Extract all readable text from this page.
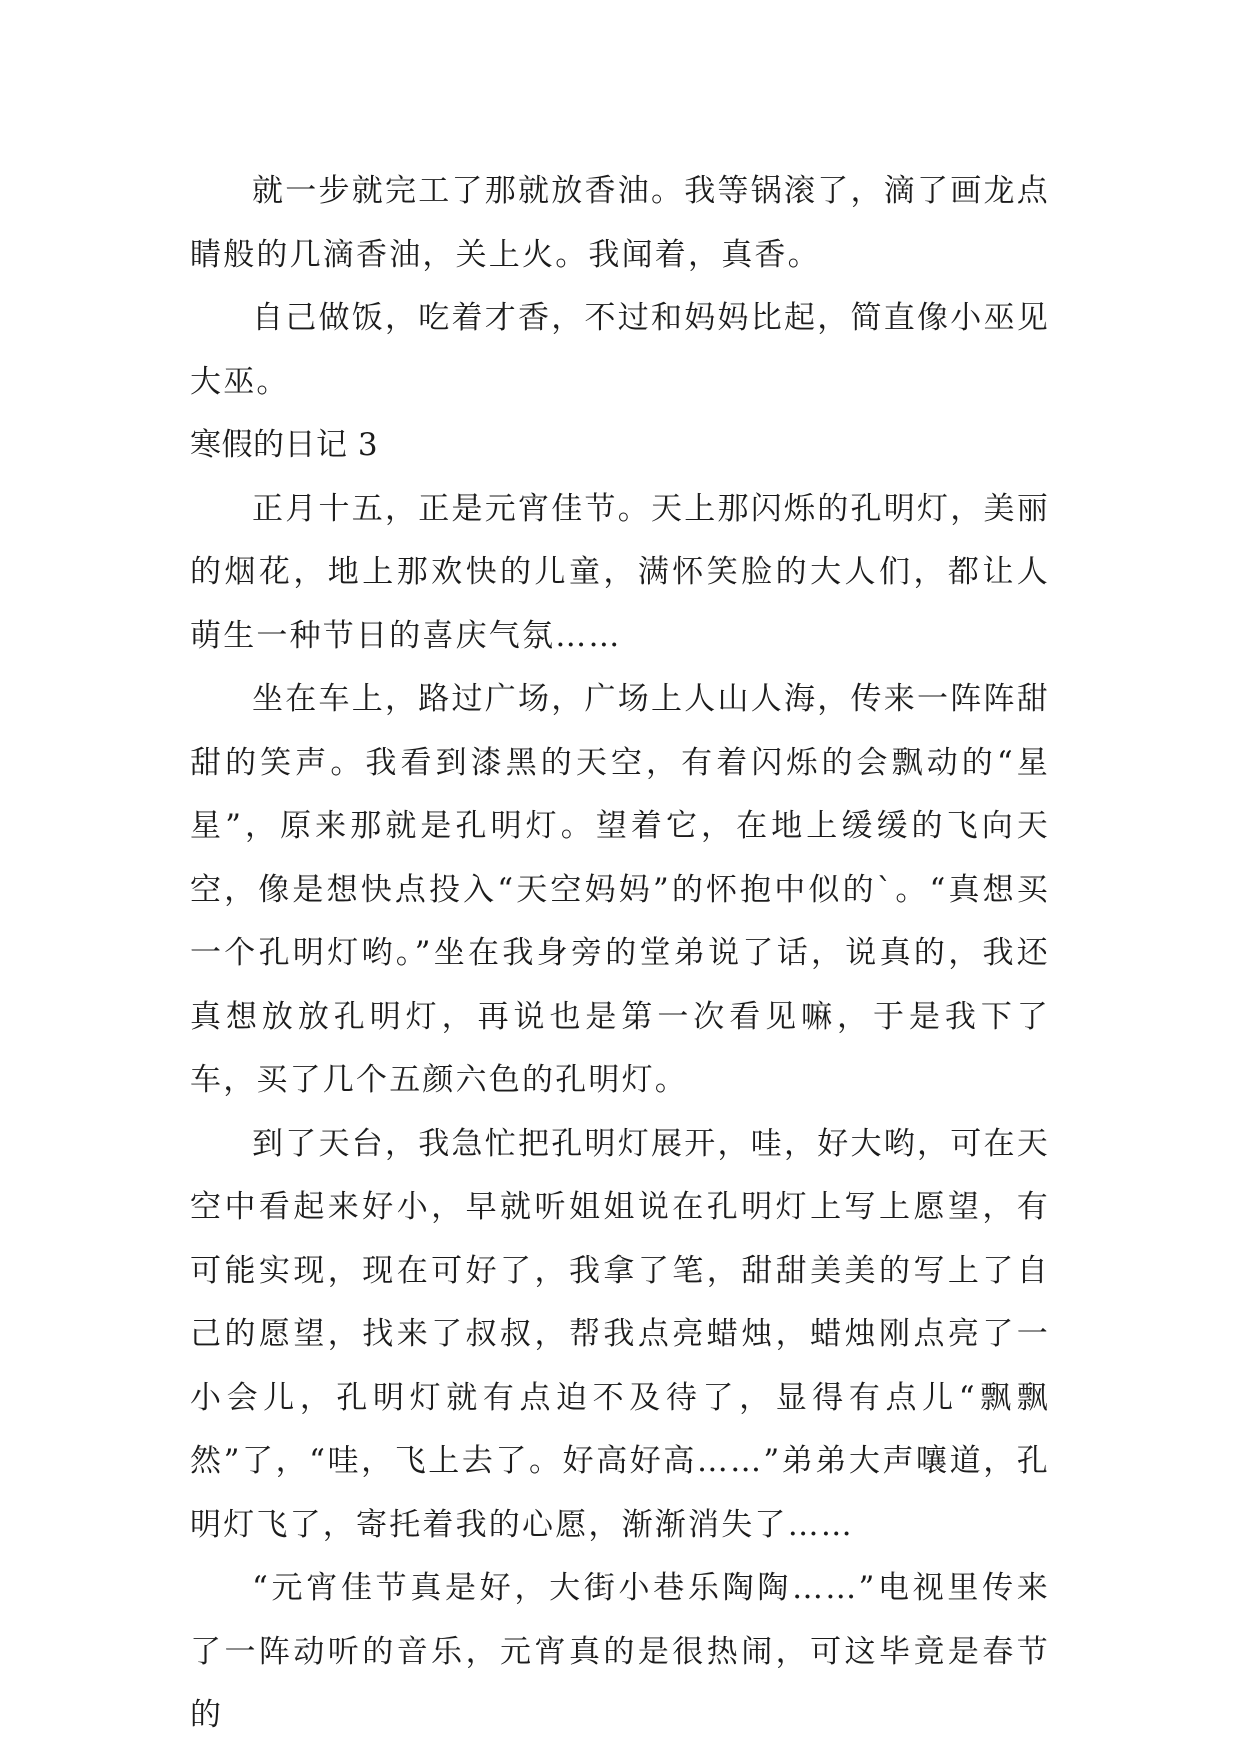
就一步就完工了那就放香油。我等锅滚了，滴了画龙点睛般的几滴香油，关上火。我闻着，真香。

自己做饭，吃着才香，不过和妈妈比起，简直像小巫见大巫。

寒假的日记 3

正月十五，正是元宵佳节。天上那闪烁的孔明灯，美丽的烟花，地上那欢快的儿童，满怀笑脸的大人们，都让人萌生一种节日的喜庆气氛……

坐在车上，路过广场，广场上人山人海，传来一阵阵甜甜的笑声。我看到漆黑的天空，有着闪烁的会飘动的“星星”，原来那就是孔明灯。望着它，在地上缓缓的飞向天空，像是想快点投入“天空妈妈”的怀抱中似的`。“真想买一个孔明灯哟。”坐在我身旁的堂弟说了话，说真的，我还真想放放孔明灯，再说也是第一次看见嘛，于是我下了车，买了几个五颜六色的孔明灯。

到了天台，我急忙把孔明灯展开，哇，好大哟，可在天空中看起来好小，早就听姐姐说在孔明灯上写上愿望，有可能实现，现在可好了，我拿了笔，甜甜美美的写上了自己的愿望，找来了叔叔，帮我点亮蜡烛，蜡烛刚点亮了一小会儿，孔明灯就有点迫不及待了，显得有点儿“飘飘然”了，“哇，飞上去了。好高好高……”弟弟大声嚷道，孔明灯飞了，寄托着我的心愿，渐渐消失了……

“元宵佳节真是好，大街小巷乐陶陶……”电视里传来了一阵动听的音乐，元宵真的是很热闹，可这毕竟是春节的
